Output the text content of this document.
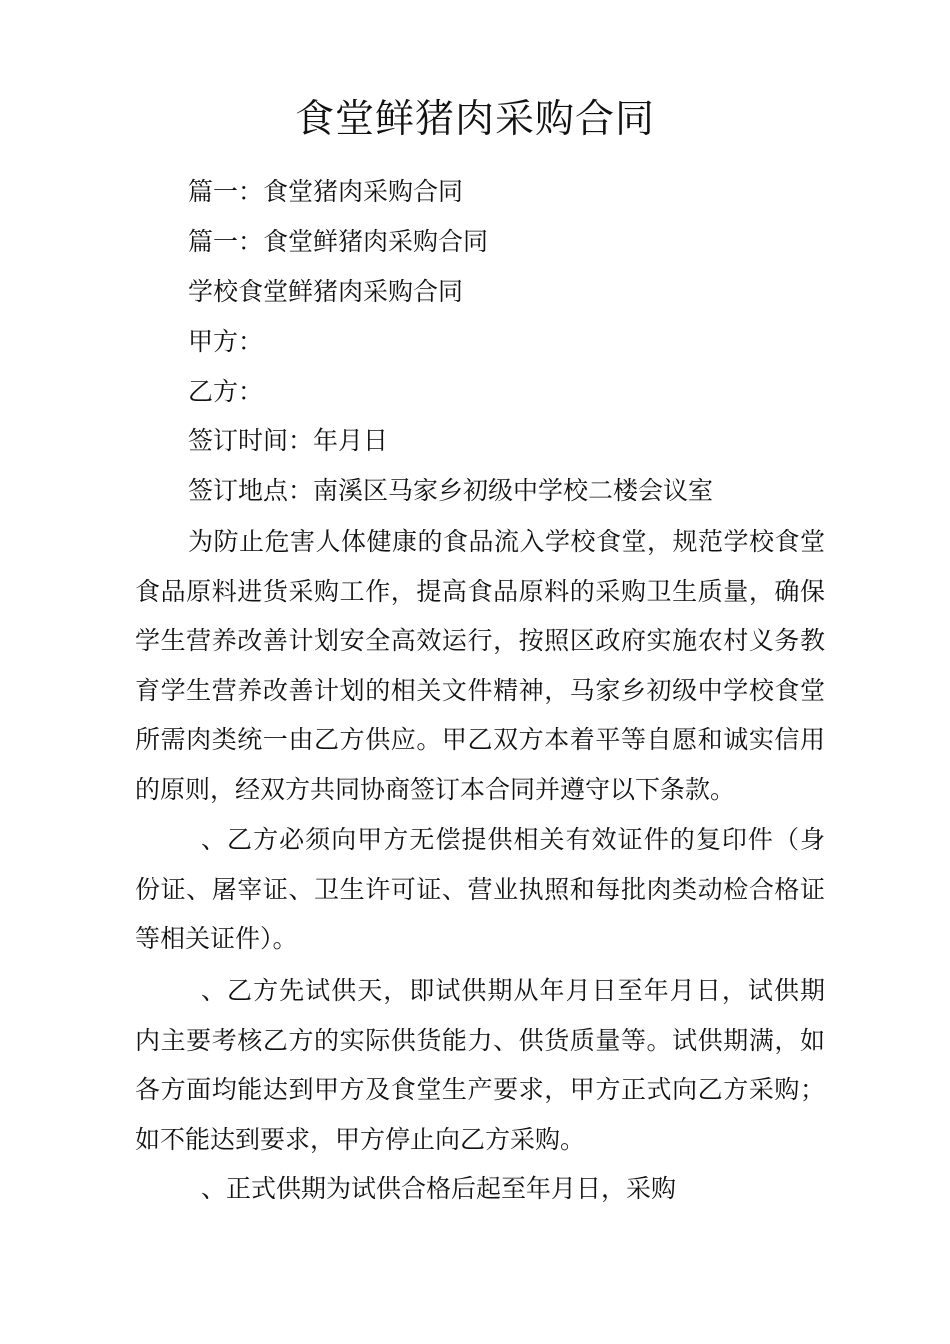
食堂鲜猪肉采购合同

篇一：食堂猪肉采购合同

篇一：食堂鲜猪肉采购合同

学校食堂鲜猪肉采购合同

甲方：

乙方：

签订时间：年月日

签订地点：南溪区马家乡初级中学校二楼会议室

为防止危害人体健康的食品流入学校食堂，规范学校食堂食品原料进货采购工作，提高食品原料的采购卫生质量，确保学生营养改善计划安全高效运行，按照区政府实施农村义务教育学生营养改善计划的相关文件精神，马家乡初级中学校食堂所需肉类统一由乙方供应。甲乙双方本着平等自愿和诚实信用的原则，经双方共同协商签订本合同并遵守以下条款。

、乙方必须向甲方无偿提供相关有效证件的复印件（身份证、屠宰证、卫生许可证、营业执照和每批肉类动检合格证等相关证件）。

、乙方先试供天，即试供期从年月日至年月日，试供期内主要考核乙方的实际供货能力、供货质量等。试供期满，如各方面均能达到甲方及食堂生产要求，甲方正式向乙方采购；如不能达到要求，甲方停止向乙方采购。

、正式供期为试供合格后起至年月日，采购
